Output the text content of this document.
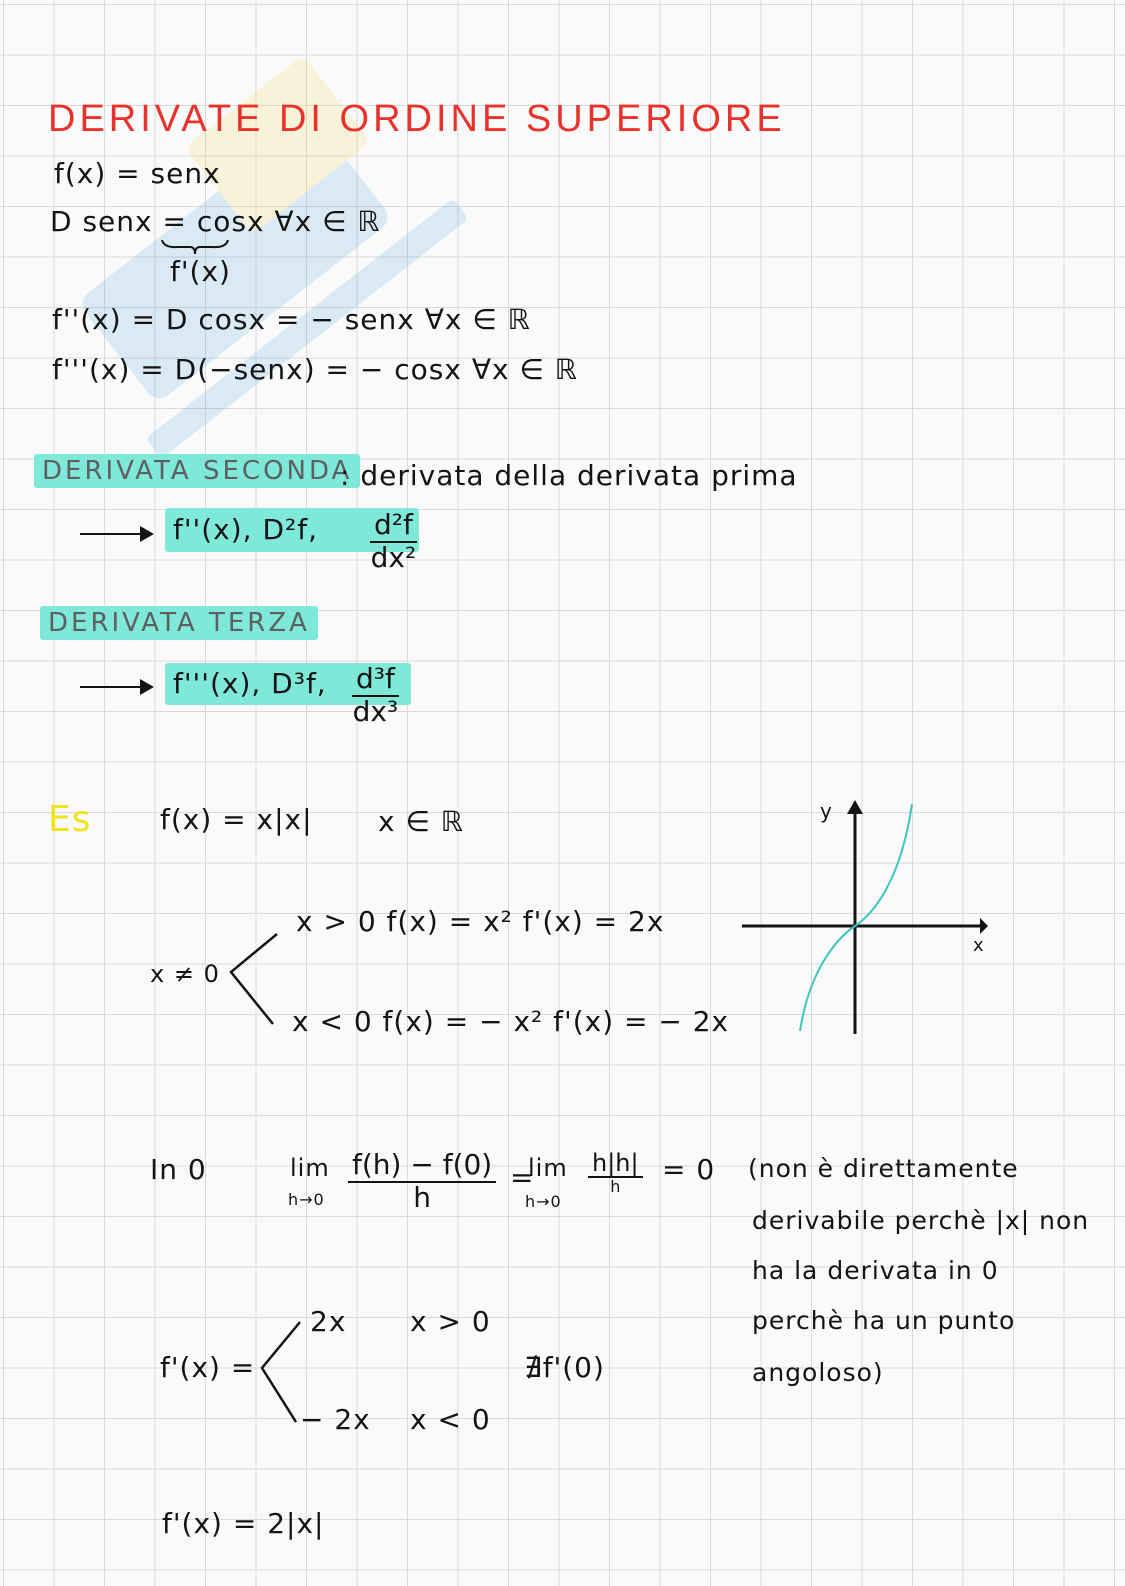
DERIVATE DI ORDINE SUPERIORE
f(x) = senx
D senx = cosx ∀x ∈ ℝ
f'(x)
f''(x) = D cosx = − senx ∀x ∈ ℝ
f'''(x) = D(−senx) = − cosx ∀x ∈ ℝ
DERIVATA SECONDA
: derivata della derivata prima
f''(x), D²f, $\frac{\text{d²f}}{\text{dx²}}$
DERIVATA TERZA
f'''(x), D³f, $\frac{\text{d³f}}{\text{dx³}}$
Es f(x) = x|x| x ∈ ℝ
x ≠ 0
x > 0 f(x) = x² f'(x) = 2x
x < 0 f(x) = − x² f'(x) = − 2x
y
x
In 0	lim
$h\to 0 \frac{f(h) - f(0)}{h}$ =
lim
h→0
h|h|
h
= 0 (non è direttamente
derivabile perchè |x| non
ha la derivata in 0
perchè ha un punto
angoloso)
f'(x) =
2x x > 0
− 2x x < 0
∄f'(0)
f'(x) = 2|x|
